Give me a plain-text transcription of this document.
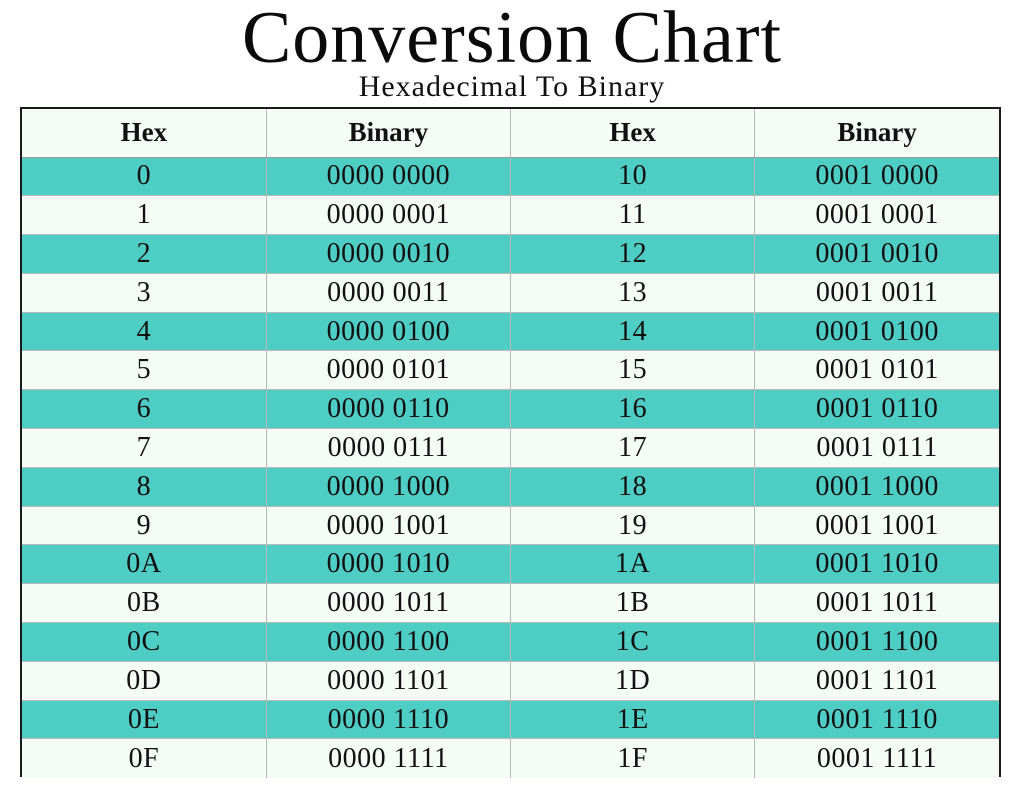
Conversion Chart
Hexadecimal To Binary
Hex	Binary	Hex	Binary
0	0000 0000	10	0001 0000
1	0000 0001	11	0001 0001
2	0000 0010	12	0001 0010
3	0000 0011	13	0001 0011
4	0000 0100	14	0001 0100
5	0000 0101	15	0001 0101
6	0000 0110	16	0001 0110
7	0000 0111	17	0001 0111
8	0000 1000	18	0001 1000
9	0000 1001	19	0001 1001
0A	0000 1010	1A	0001 1010
0B	0000 1011	1B	0001 1011
0C	0000 1100	1C	0001 1100
0D	0000 1101	1D	0001 1101
0E	0000 1110	1E	0001 1110
0F	0000 1111	1F	0001 1111
